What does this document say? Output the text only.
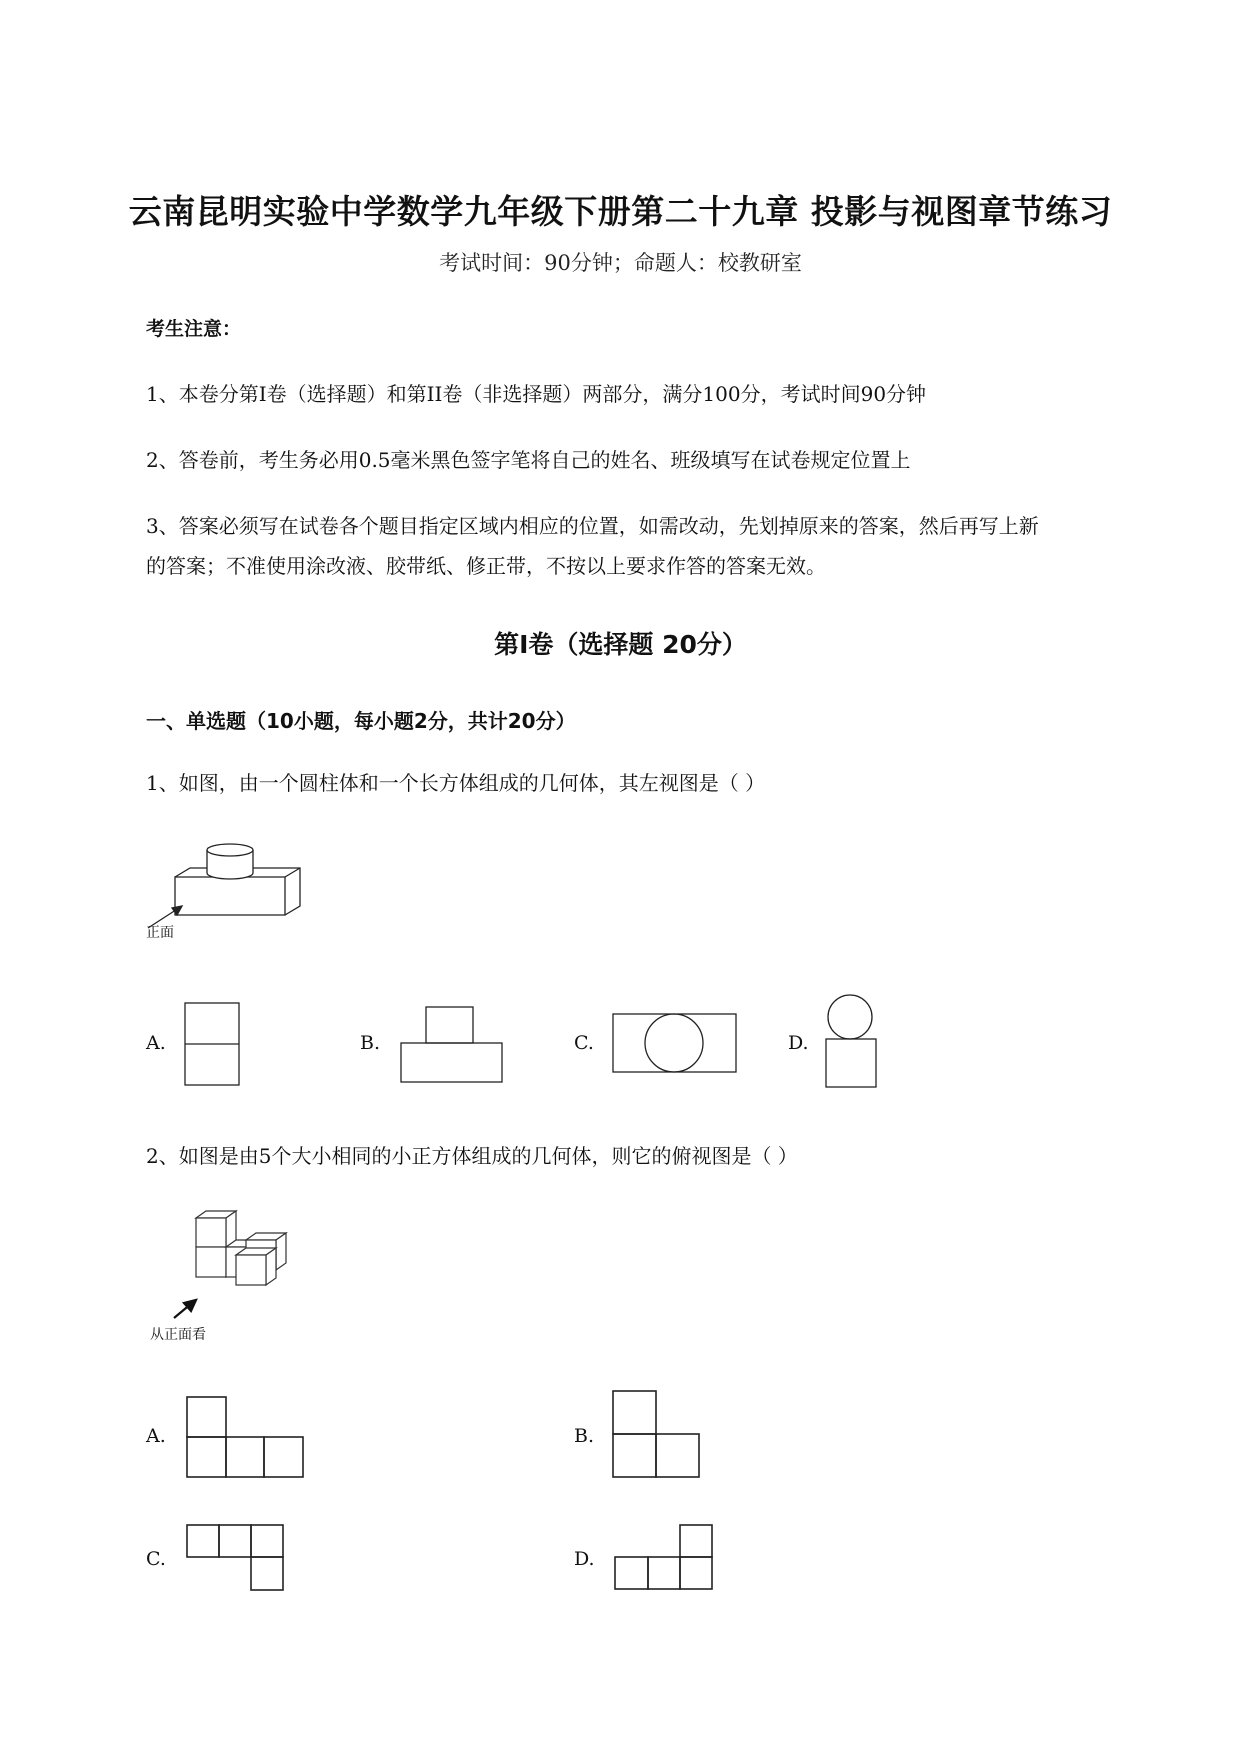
云南昆明实验中学数学九年级下册第二十九章 投影与视图章节练习
考试时间：90分钟；命题人：校教研室
考生注意：
1、本卷分第I卷（选择题）和第II卷（非选择题）两部分，满分100分，考试时间90分钟
2、答卷前，考生务必用0.5毫米黑色签字笔将自己的姓名、班级填写在试卷规定位置上
3、答案必须写在试卷各个题目指定区域内相应的位置，如需改动，先划掉原来的答案，然后再写上新
的答案；不准使用涂改液、胶带纸、修正带，不按以上要求作答的答案无效。
第I卷（选择题 20分）
一、单选题（10小题，每小题2分，共计20分）
1、如图，由一个圆柱体和一个长方体组成的几何体，其左视图是（ ）
正面
A.	B.	C.	D.
2、如图是由5个大小相同的小正方体组成的几何体，则它的俯视图是（ ）
从正面看
A.	B.
C.	D.
